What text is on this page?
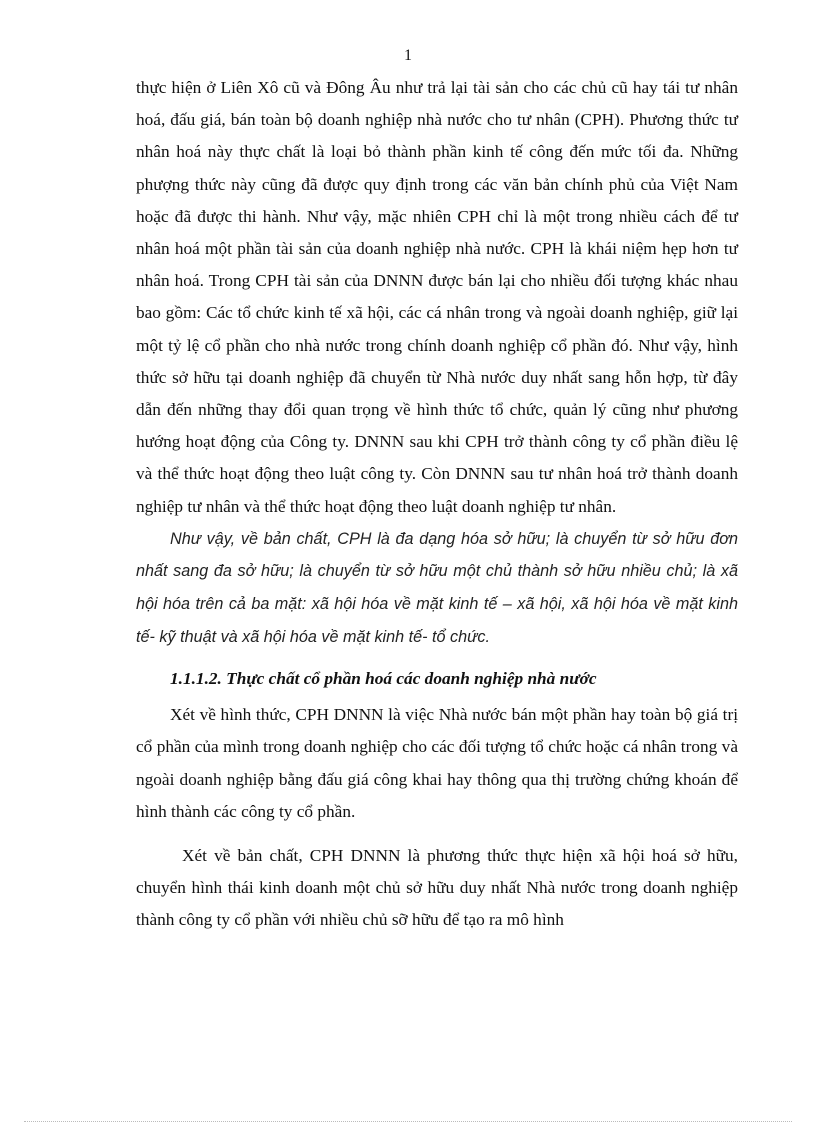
1

thực hiện ở Liên Xô cũ và Đông Âu như trả lại tài sản cho các chủ cũ hay tái tư nhân hoá, đấu giá, bán toàn bộ doanh nghiệp nhà nước cho tư nhân (CPH). Phương thức tư nhân hoá này thực chất là loại bỏ thành phần kinh tế công đến mức tối đa. Những phượng thức này cũng đã được quy định trong các văn bản chính phủ của Việt Nam hoặc đã được thi hành. Như vậy, mặc nhiên CPH chỉ là một trong nhiều cách để tư nhân hoá một phần tài sản của doanh nghiệp nhà nước. CPH là khái niệm hẹp hơn tư nhân hoá. Trong CPH tài sản của DNNN được bán lại cho nhiều đối tượng khác nhau bao gồm: Các tổ chức kinh tế xã hội, các cá nhân trong và ngoài doanh nghiệp, giữ lại một tỷ lệ cổ phần cho nhà nước trong chính doanh nghiệp cổ phần đó. Như vậy, hình thức sở hữu tại doanh nghiệp đã chuyển từ Nhà nước duy nhất sang hỗn hợp, từ đây dẫn đến những thay đổi quan trọng về hình thức tổ chức, quản lý cũng như phương hướng hoạt động của Công ty. DNNN sau khi CPH trở thành công ty cổ phần điều lệ và thể thức hoạt động theo luật công ty. Còn DNNN sau tư nhân hoá trở thành doanh nghiệp tư nhân và thể thức hoạt động theo luật doanh nghiệp tư nhân.

Như vậy, về bản chất, CPH là đa dạng hóa sở hữu; là chuyển từ sở hữu đơn nhất sang đa sở hữu; là chuyển từ sở hữu một chủ thành sở hữu nhiều chủ; là xã hội hóa trên cả ba mặt: xã hội hóa về mặt kinh tế – xã hội, xã hội hóa về mặt kinh tế- kỹ thuật và xã hội hóa về mặt kinh tế- tổ chức.

1.1.1.2. Thực chất cổ phần hoá các doanh nghiệp nhà nước

Xét về hình thức, CPH DNNN là việc Nhà nước bán một phần hay toàn bộ giá trị cổ phần của mình trong doanh nghiệp cho các đối tượng tổ chức hoặc cá nhân trong và ngoài doanh nghiệp bằng đấu giá công khai hay thông qua thị trường chứng khoán để hình thành các công ty cổ phần.

Xét về bản chất, CPH DNNN là phương thức thực hiện xã hội hoá sở hữu, chuyển hình thái kinh doanh một chủ sở hữu duy nhất Nhà nước trong doanh nghiệp thành công ty cổ phần với nhiều chủ sỡ hữu để tạo ra mô hình
